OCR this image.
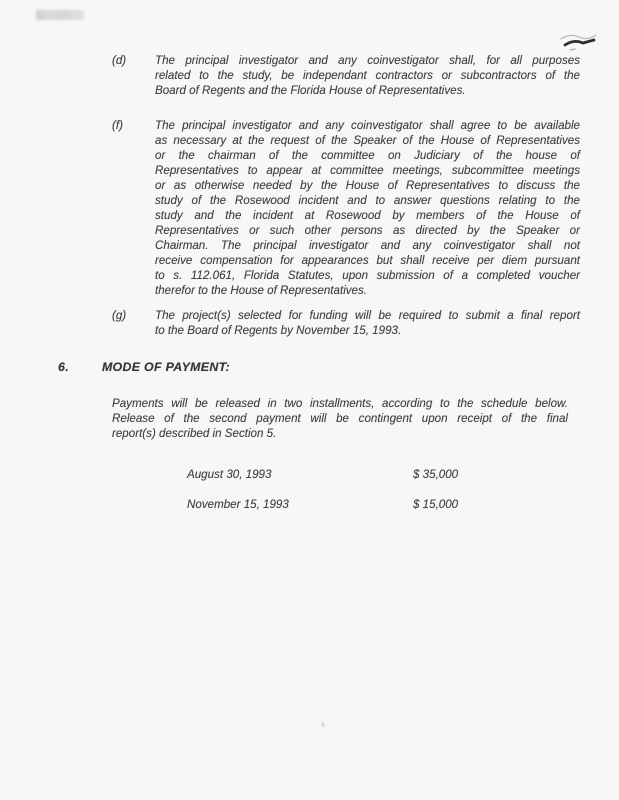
(d) The principal investigator and any coinvestigator shall, for all purposes
related to the study, be independant contractors or subcontractors of the
Board of Regents and the Florida House of Representatives.
(f)	The principal investigator and any coinvestigator shall agree to be available
as necessary at the request of the Speaker of the House of Representatives
or the chairman of the committee on Judiciary of the house of
Representatives to appear at committee meetings, subcommittee meetings
or as otherwise needed by the House of Representatives to discuss the
study of the Rosewood incident and to answer questions relating to the
study and the incident at Rosewood by members of the House of
Representatives or such other persons as directed by the Speaker or
Chairman. The principal investigator and any coinvestigator shall not
receive compensation for appearances but shall receive per diem pursuant
to s. 112.061, Florida Statutes, upon submission of a completed voucher
therefor to the House of Representatives.
(g) The project(s) selected for funding will be required to submit a final report
to the Board of Regents by November 15, 1993.
6.	MODE OF PAYMENT:
Payments will be released in two installments, according to the schedule below.
Release of the second payment will be contingent upon receipt of the final
report(s) described in Section 5.
August 30, 1993	$ 35,000
November 15, 1993	$ 15,000
